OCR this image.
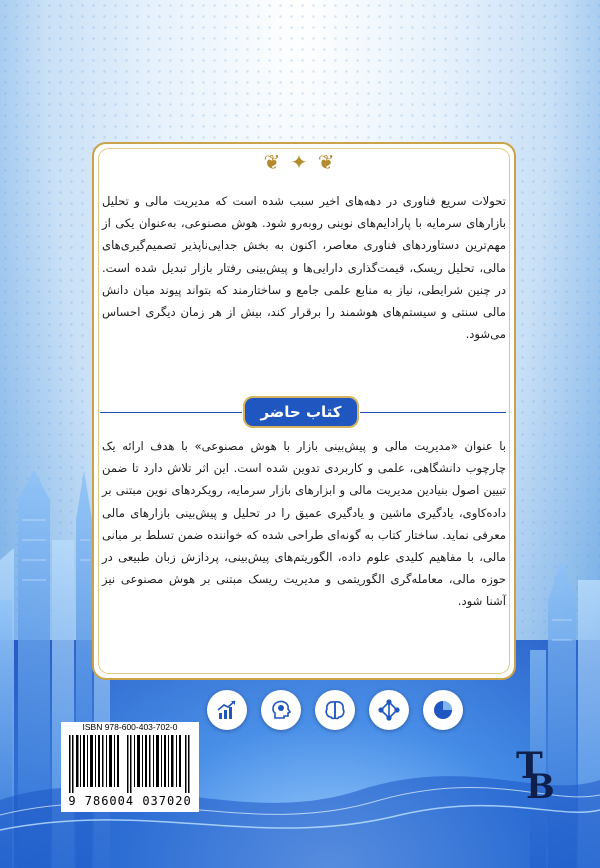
❦ ✦ ❦

تحولات سریع فناوری در دهه‌های اخیر سبب شده است که مدیریت مالی و تحلیل بازارهای سرمایه با پارادایم‌های نوینی روبه‌رو شود. هوش مصنوعی، به‌عنوان یکی از مهم‌ترین دستاوردهای فناوری معاصر، اکنون به بخش جدایی‌ناپذیر تصمیم‌گیری‌های مالی، تحلیل ریسک، قیمت‌گذاری دارایی‌ها و پیش‌بینی رفتار بازار تبدیل شده است. در چنین شرایطی، نیاز به منابع علمی جامع و ساختارمند که بتواند پیوند میان دانش مالی سنتی و سیستم‌های هوشمند را برقرار کند، بیش از هر زمان دیگری احساس می‌شود.

کتاب حاضر

با عنوان «مدیریت مالی و پیش‌بینی بازار با هوش مصنوعی» با هدف ارائه یک چارچوب دانشگاهی، علمی و کاربردی تدوین شده است. این اثر تلاش دارد تا ضمن تبیین اصول بنیادین مدیریت مالی و ابزارهای بازار سرمایه، رویکردهای نوین مبتنی بر داده‌کاوی، یادگیری ماشین و یادگیری عمیق را در تحلیل و پیش‌بینی بازارهای مالی معرفی نماید. ساختار کتاب به گونه‌ای طراحی شده که خواننده ضمن تسلط بر مبانی مالی، با مفاهیم کلیدی علوم داده، الگوریتم‌های پیش‌بینی، پردازش زبان طبیعی در حوزه مالی، معامله‌گری الگوریتمی و مدیریت ریسک مبتنی بر هوش مصنوعی نیز آشنا شود.

ISBN 978-600-403-702-0
9 786004 037020
T
B
